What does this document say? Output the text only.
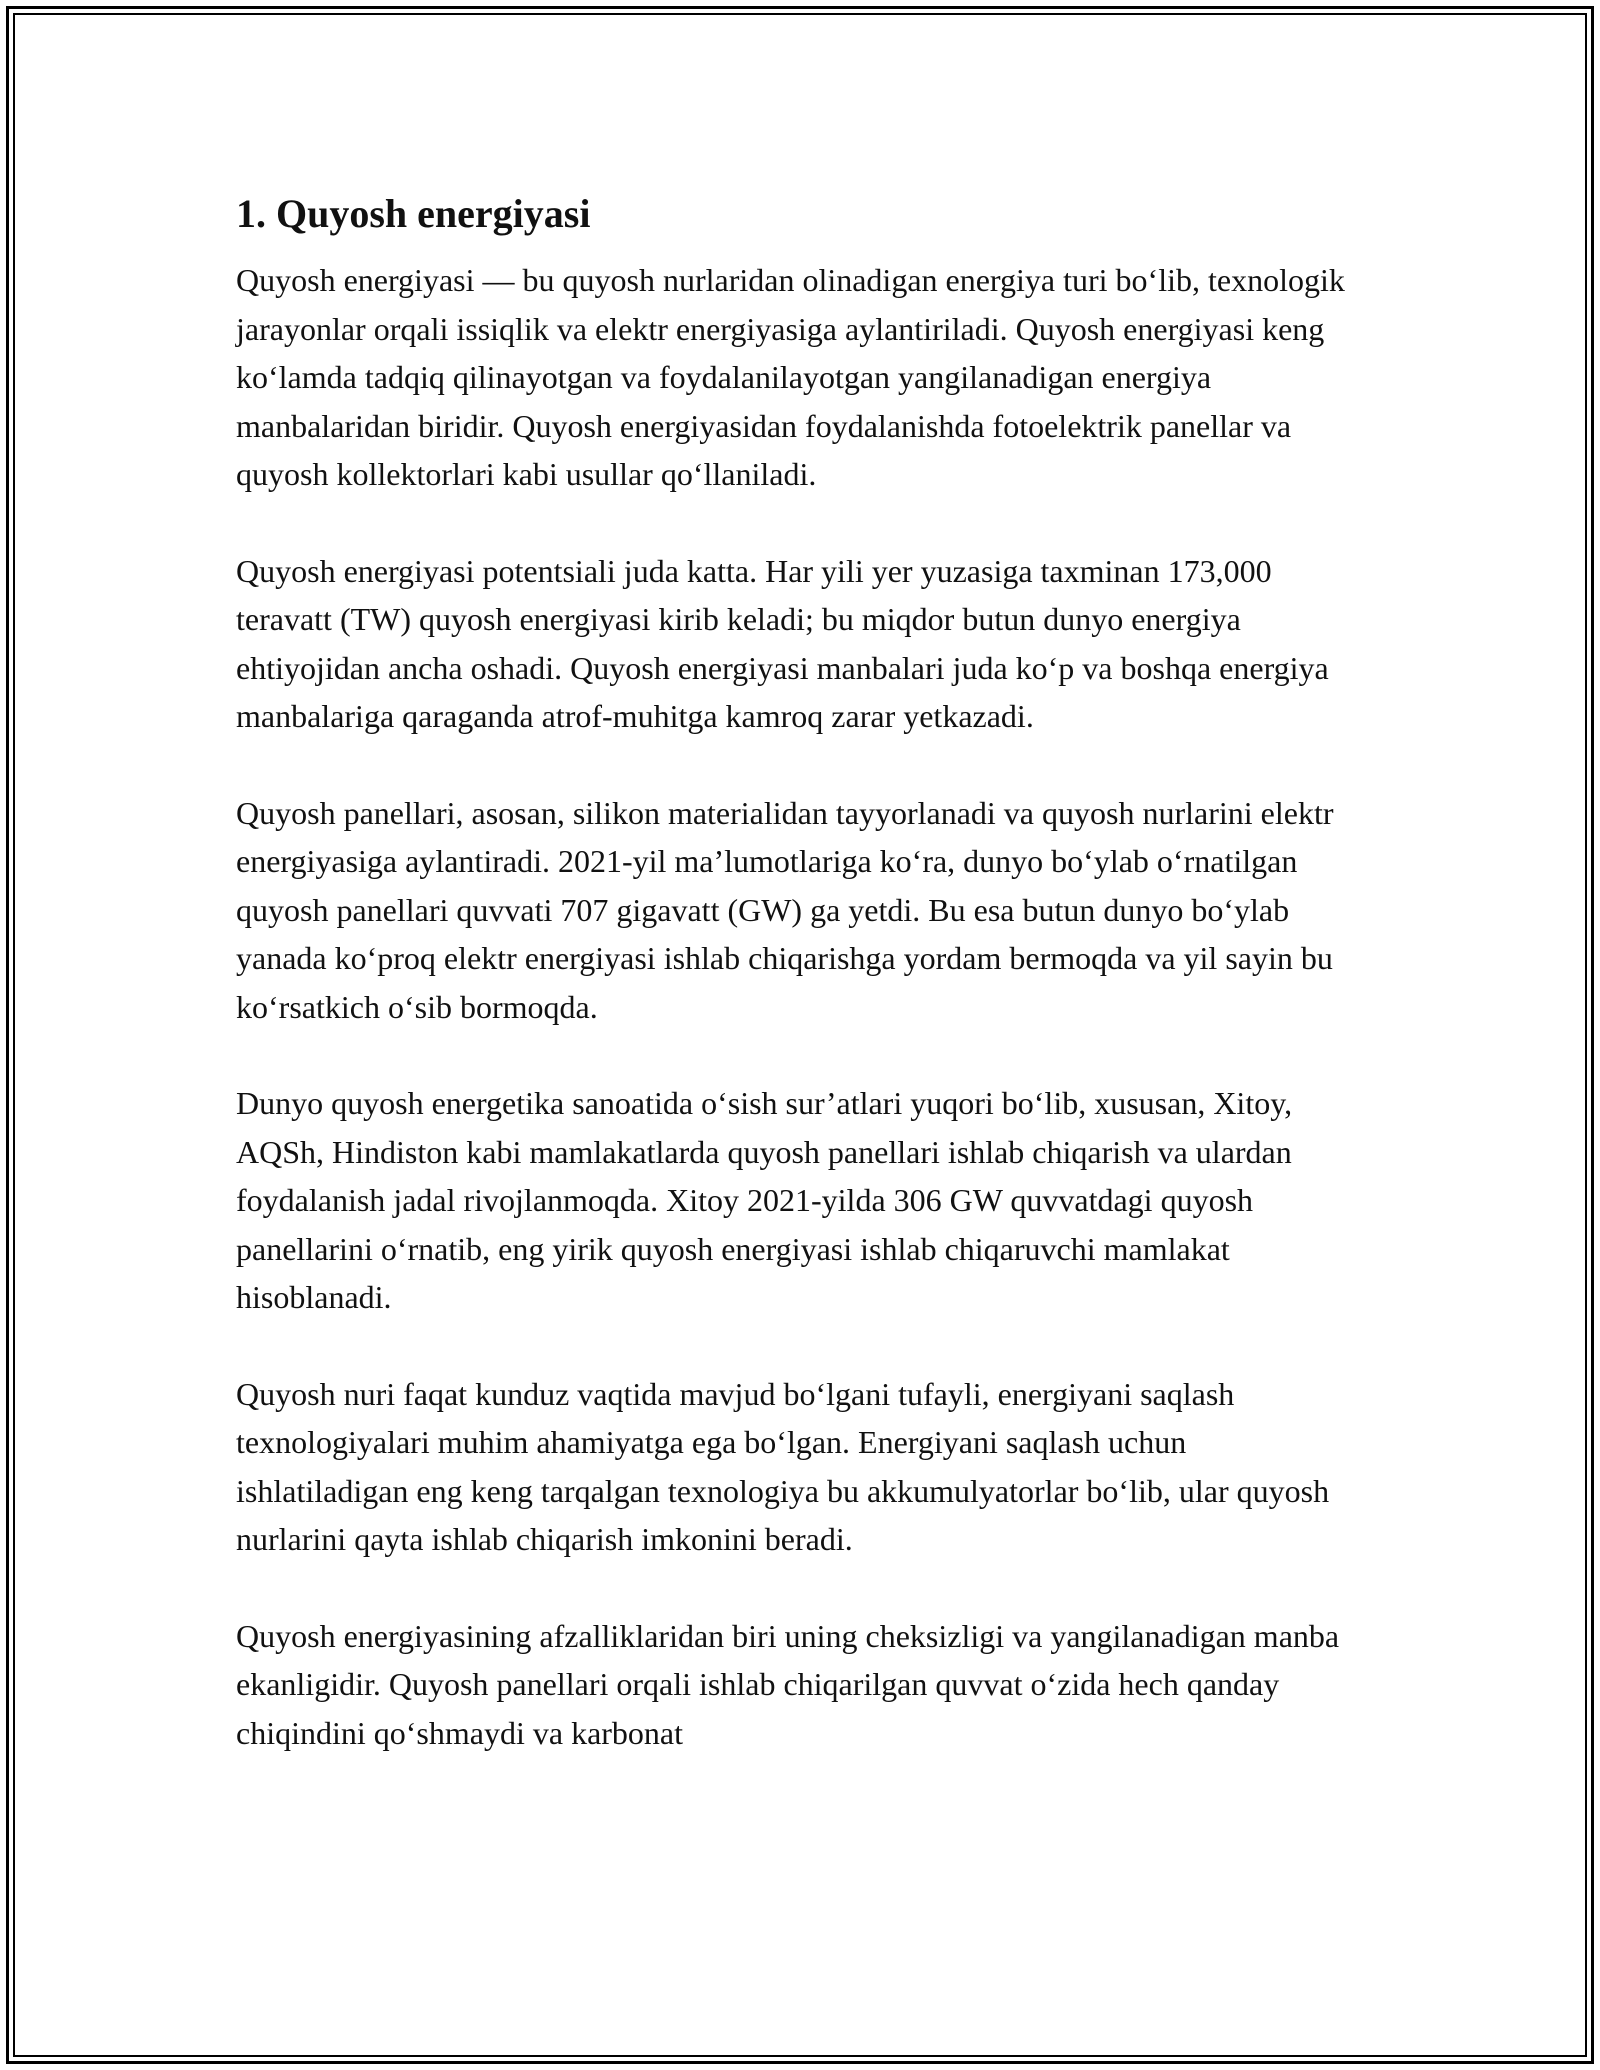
1. Quyosh energiyasi

Quyosh energiyasi — bu quyosh nurlaridan olinadigan energiya turi bo‘lib, texnologik jarayonlar orqali issiqlik va elektr energiyasiga aylantiriladi. Quyosh energiyasi keng ko‘lamda tadqiq qilinayotgan va foydalanilayotgan yangilanadigan energiya manbalaridan biridir. Quyosh energiyasidan foydalanishda fotoelektrik panellar va quyosh kollektorlari kabi usullar qo‘llaniladi.

Quyosh energiyasi potentsiali juda katta. Har yili yer yuzasiga taxminan 173,000 teravatt (TW) quyosh energiyasi kirib keladi; bu miqdor butun dunyo energiya ehtiyojidan ancha oshadi. Quyosh energiyasi manbalari juda ko‘p va boshqa energiya manbalariga qaraganda atrof-muhitga kamroq zarar yetkazadi.

Quyosh panellari, asosan, silikon materialidan tayyorlanadi va quyosh nurlarini elektr energiyasiga aylantiradi. 2021-yil ma’lumotlariga ko‘ra, dunyo bo‘ylab o‘rnatilgan quyosh panellari quvvati 707 gigavatt (GW) ga yetdi. Bu esa butun dunyo bo‘ylab yanada ko‘proq elektr energiyasi ishlab chiqarishga yordam bermoqda va yil sayin bu ko‘rsatkich o‘sib bormoqda.

Dunyo quyosh energetika sanoatida o‘sish sur’atlari yuqori bo‘lib, xususan, Xitoy, AQSh, Hindiston kabi mamlakatlarda quyosh panellari ishlab chiqarish va ulardan foydalanish jadal rivojlanmoqda. Xitoy 2021-yilda 306 GW quvvatdagi quyosh panellarini o‘rnatib, eng yirik quyosh energiyasi ishlab chiqaruvchi mamlakat hisoblanadi.

Quyosh nuri faqat kunduz vaqtida mavjud bo‘lgani tufayli, energiyani saqlash texnologiyalari muhim ahamiyatga ega bo‘lgan. Energiyani saqlash uchun ishlatiladigan eng keng tarqalgan texnologiya bu akkumulyatorlar bo‘lib, ular quyosh nurlarini qayta ishlab chiqarish imkonini beradi.

Quyosh energiyasining afzalliklaridan biri uning cheksizligi va yangilanadigan manba ekanligidir. Quyosh panellari orqali ishlab chiqarilgan quvvat o‘zida hech qanday chiqindini qo‘shmaydi va karbonat
